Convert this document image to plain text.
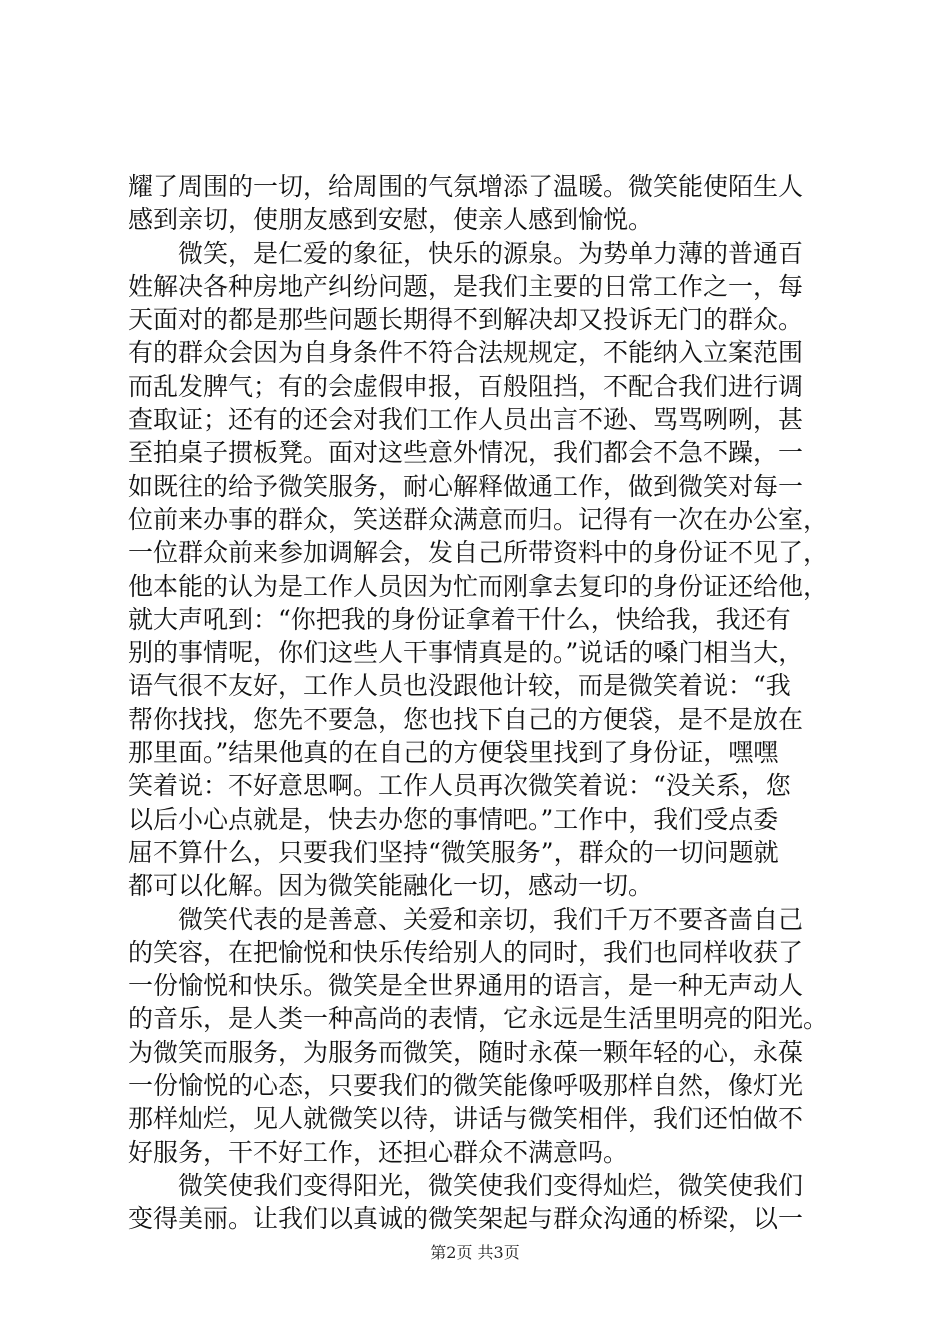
耀了周围的一切，给周围的气氛增添了温暖。微笑能使陌生人
感到亲切，使朋友感到安慰，使亲人感到愉悦。
　　微笑，是仁爱的象征，快乐的源泉。为势单力薄的普通百
姓解决各种房地产纠纷问题，是我们主要的日常工作之一，每
天面对的都是那些问题长期得不到解决却又投诉无门的群众。
有的群众会因为自身条件不符合法规规定，不能纳入立案范围
而乱发脾气；有的会虚假申报，百般阻挡，不配合我们进行调
查取证；还有的还会对我们工作人员出言不逊、骂骂咧咧，甚
至拍桌子掼板凳。面对这些意外情况，我们都会不急不躁，一
如既往的给予微笑服务，耐心解释做通工作，做到微笑对每一
位前来办事的群众，笑送群众满意而归。记得有一次在办公室，
一位群众前来参加调解会，发自己所带资料中的身份证不见了，
他本能的认为是工作人员因为忙而刚拿去复印的身份证还给他，
就大声吼到：“你把我的身份证拿着干什么，快给我，我还有
别的事情呢，你们这些人干事情真是的。”说话的嗓门相当大，
语气很不友好，工作人员也没跟他计较，而是微笑着说：“我
帮你找找，您先不要急，您也找下自己的方便袋，是不是放在
那里面。”结果他真的在自己的方便袋里找到了身份证，嘿嘿
笑着说：不好意思啊。工作人员再次微笑着说：“没关系，您
以后小心点就是，快去办您的事情吧。”工作中，我们受点委
屈不算什么，只要我们坚持“微笑服务”，群众的一切问题就
都可以化解。因为微笑能融化一切，感动一切。
　　微笑代表的是善意、关爱和亲切，我们千万不要吝啬自己
的笑容，在把愉悦和快乐传给别人的同时，我们也同样收获了
一份愉悦和快乐。微笑是全世界通用的语言，是一种无声动人
的音乐，是人类一种高尚的表情，它永远是生活里明亮的阳光。
为微笑而服务，为服务而微笑，随时永葆一颗年轻的心，永葆
一份愉悦的心态，只要我们的微笑能像呼吸那样自然，像灯光
那样灿烂，见人就微笑以待，讲话与微笑相伴，我们还怕做不
好服务，干不好工作，还担心群众不满意吗。
　　微笑使我们变得阳光，微笑使我们变得灿烂，微笑使我们
变得美丽。让我们以真诚的微笑架起与群众沟通的桥梁，以一
第2页 共3页
